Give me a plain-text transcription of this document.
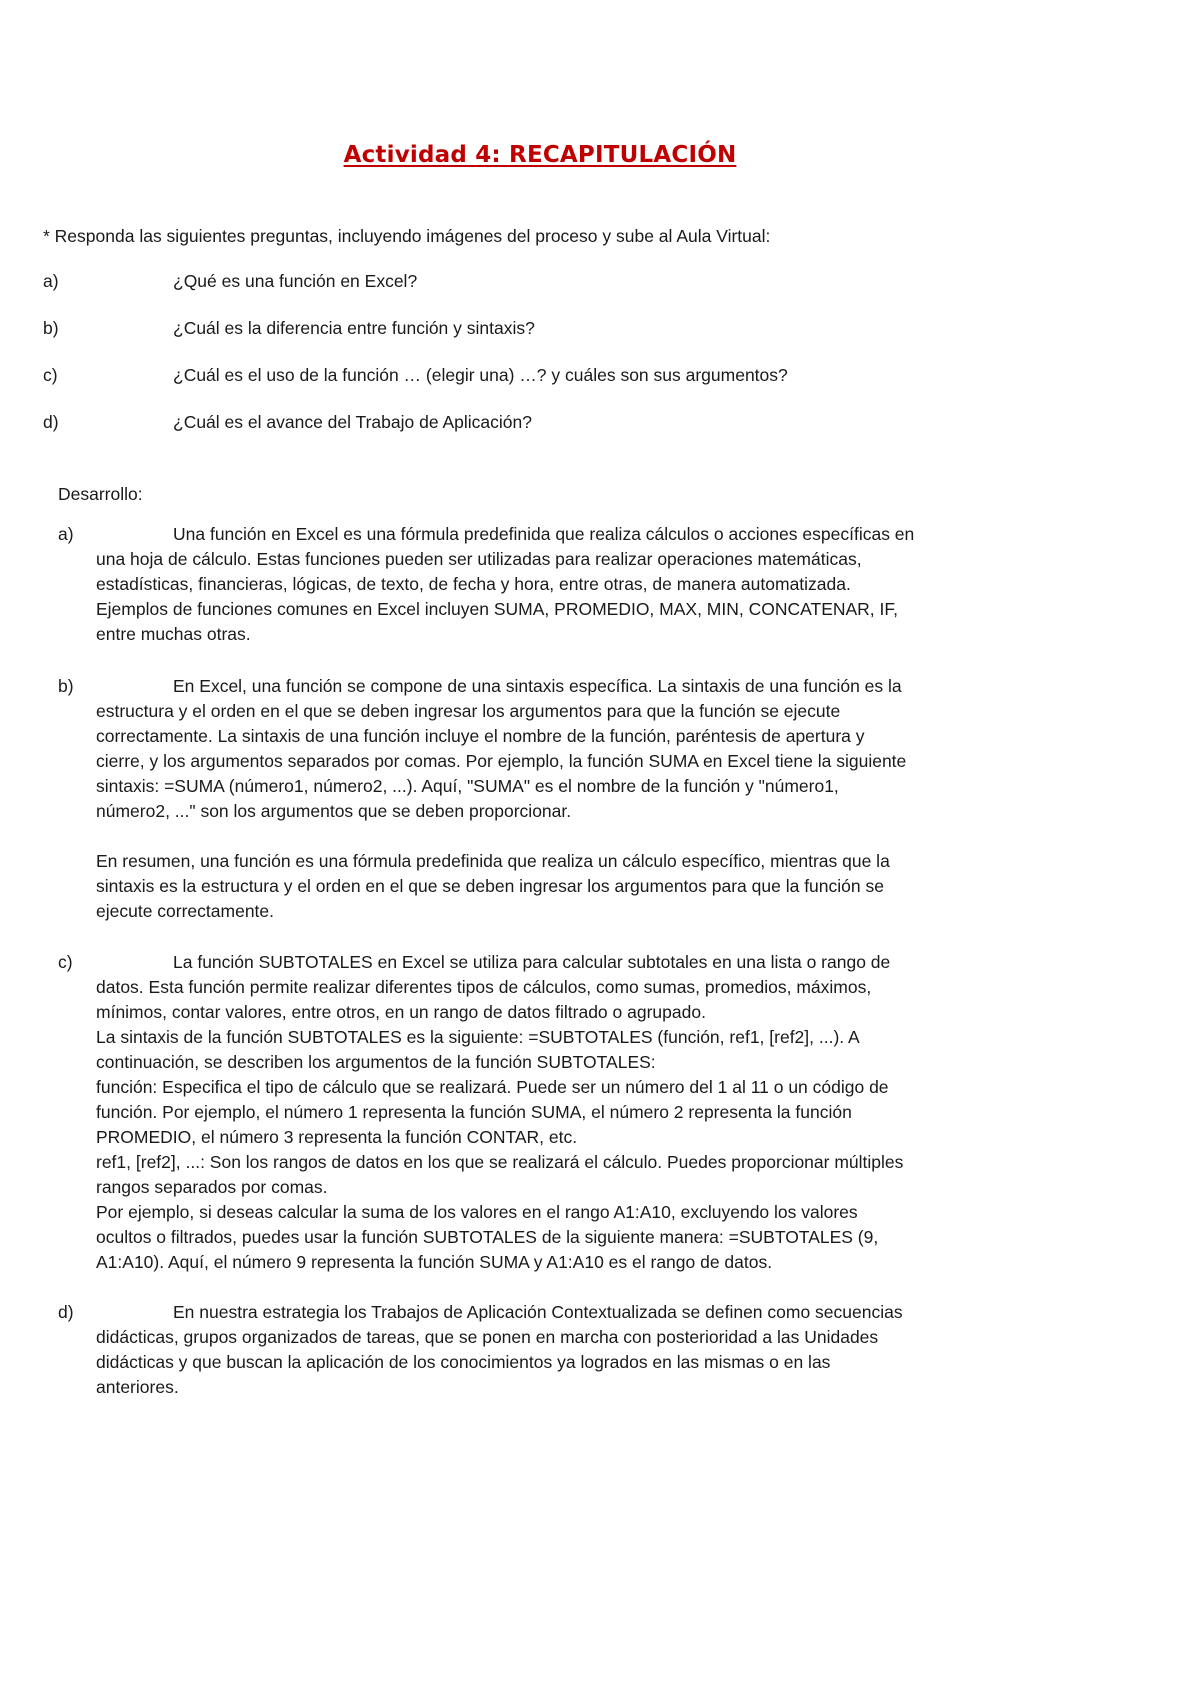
Actividad 4: RECAPITULACIÓN
* Responda las siguientes preguntas, incluyendo imágenes del proceso y sube al Aula Virtual:
a)	¿Qué es una función en Excel?
b)	¿Cuál es la diferencia entre función y sintaxis?
c)	¿Cuál es el uso de la función … (elegir una) …? y cuáles son sus argumentos?
d)	¿Cuál es el avance del Trabajo de Aplicación?
Desarrollo:
a)	Una función en Excel es una fórmula predefinida que realiza cálculos o acciones específicas en
una hoja de cálculo. Estas funciones pueden ser utilizadas para realizar operaciones matemáticas,
estadísticas, financieras, lógicas, de texto, de fecha y hora, entre otras, de manera automatizada.
Ejemplos de funciones comunes en Excel incluyen SUMA, PROMEDIO, MAX, MIN, CONCATENAR, IF,
entre muchas otras.
b)	En Excel, una función se compone de una sintaxis específica. La sintaxis de una función es la
estructura y el orden en el que se deben ingresar los argumentos para que la función se ejecute
correctamente. La sintaxis de una función incluye el nombre de la función, paréntesis de apertura y
cierre, y los argumentos separados por comas. Por ejemplo, la función SUMA en Excel tiene la siguiente
sintaxis: =SUMA (número1, número2, ...). Aquí, "SUMA" es el nombre de la función y "número1,
número2, ..." son los argumentos que se deben proporcionar.
En resumen, una función es una fórmula predefinida que realiza un cálculo específico, mientras que la
sintaxis es la estructura y el orden en el que se deben ingresar los argumentos para que la función se
ejecute correctamente.
c)	La función SUBTOTALES en Excel se utiliza para calcular subtotales en una lista o rango de
datos. Esta función permite realizar diferentes tipos de cálculos, como sumas, promedios, máximos,
mínimos, contar valores, entre otros, en un rango de datos filtrado o agrupado.
La sintaxis de la función SUBTOTALES es la siguiente: =SUBTOTALES (función, ref1, [ref2], ...). A
continuación, se describen los argumentos de la función SUBTOTALES:
función: Especifica el tipo de cálculo que se realizará. Puede ser un número del 1 al 11 o un código de
función. Por ejemplo, el número 1 representa la función SUMA, el número 2 representa la función
PROMEDIO, el número 3 representa la función CONTAR, etc.
ref1, [ref2], ...: Son los rangos de datos en los que se realizará el cálculo. Puedes proporcionar múltiples
rangos separados por comas.
Por ejemplo, si deseas calcular la suma de los valores en el rango A1:A10, excluyendo los valores
ocultos o filtrados, puedes usar la función SUBTOTALES de la siguiente manera: =SUBTOTALES (9,
A1:A10). Aquí, el número 9 representa la función SUMA y A1:A10 es el rango de datos.
d)	En nuestra estrategia los Trabajos de Aplicación Contextualizada se definen como secuencias
didácticas, grupos organizados de tareas, que se ponen en marcha con posterioridad a las Unidades
didácticas y que buscan la aplicación de los conocimientos ya logrados en las mismas o en las
anteriores.
